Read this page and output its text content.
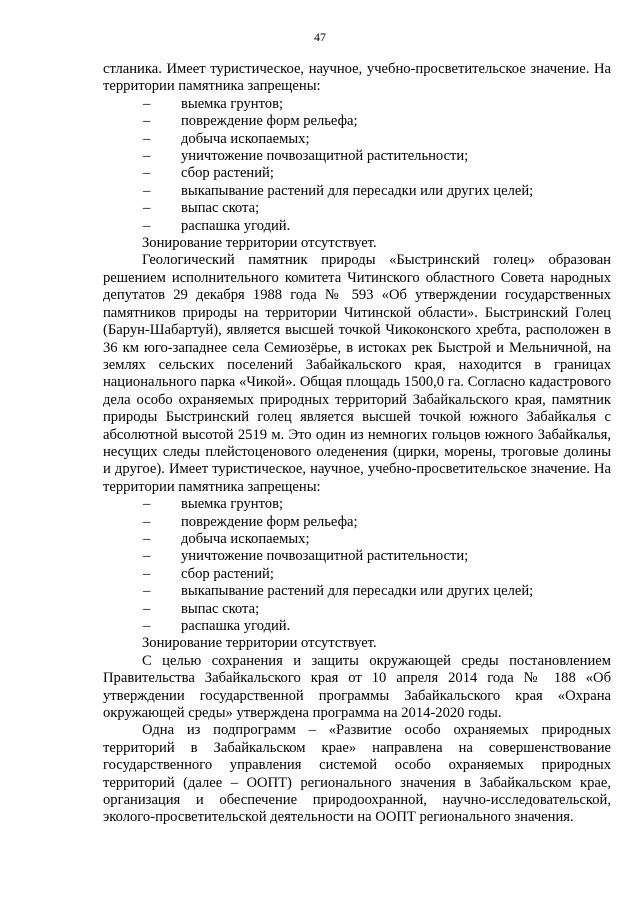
47

стланика. Имеет туристическое, научное, учебно-просветительское значение. На территории памятника запрещены:

– выемка грунтов;
– повреждение форм рельефа;
– добыча ископаемых;
– уничтожение почвозащитной растительности;
– сбор растений;
– выкапывание растений для пересадки или других целей;
– выпас скота;
– распашка угодий.

Зонирование территории отсутствует.

Геологический памятник природы «Быстринский голец» образован решением исполнительного комитета Читинского областного Совета народных депутатов 29 декабря 1988 года № 593 «Об утверждении государственных памятников природы на территории Читинской области». Быстринский Голец (Барун-Шабартуй), является высшей точкой Чикоконского хребта, расположен в 36 км юго-западнее села Семиозёрье, в истоках рек Быстрой и Мельничной, на землях сельских поселений Забайкальского края, находится в границах национального парка «Чикой». Общая площадь 1500,0 га. Согласно кадастрового дела особо охраняемых природных территорий Забайкальского края, памятник природы Быстринский голец является высшей точкой южного Забайкалья с абсолютной высотой 2519 м. Это один из немногих гольцов южного Забайкалья, несущих следы плейстоценового оледенения (цирки, морены, троговые долины и другое). Имеет туристическое, научное, учебно-просветительское значение. На территории памятника запрещены:

– выемка грунтов;
– повреждение форм рельефа;
– добыча ископаемых;
– уничтожение почвозащитной растительности;
– сбор растений;
– выкапывание растений для пересадки или других целей;
– выпас скота;
– распашка угодий.

Зонирование территории отсутствует.

С целью сохранения и защиты окружающей среды постановлением Правительства Забайкальского края от 10 апреля 2014 года № 188 «Об утверждении государственной программы Забайкальского края «Охрана окружающей среды» утверждена программа на 2014-2020 годы.

Одна из подпрограмм – «Развитие особо охраняемых природных территорий в Забайкальском крае» направлена на совершенствование государственного управления системой особо охраняемых природных территорий (далее – ООПТ) регионального значения в Забайкальском крае, организация и обеспечение природоохранной, научно-исследовательской, эколого-просветительской деятельности на ООПТ регионального значения.
